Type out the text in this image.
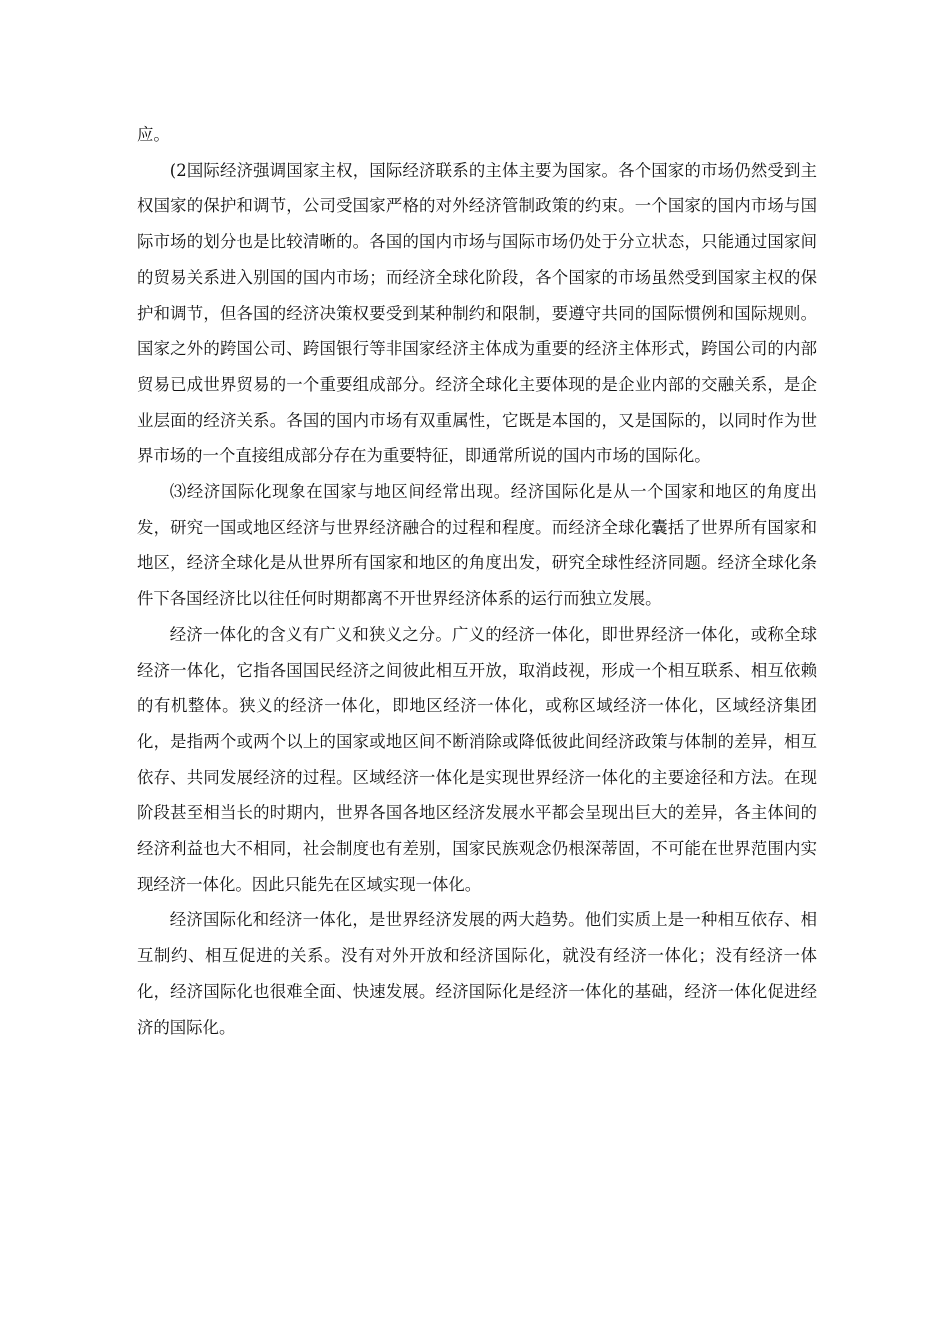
应。

(2国际经济强调国家主权，国际经济联系的主体主要为国家。各个国家的市场仍然受到主权国家的保护和调节，公司受国家严格的对外经济管制政策的约束。一个国家的国内市场与国际市场的划分也是比较清晰的。各国的国内市场与国际市场仍处于分立状态，只能通过国家间的贸易关系进入别国的国内市场；而经济全球化阶段，各个国家的市场虽然受到国家主权的保护和调节，但各国的经济决策权要受到某种制约和限制，要遵守共同的国际惯例和国际规则。国家之外的跨国公司、跨国银行等非国家经济主体成为重要的经济主体形式，跨国公司的内部贸易已成世界贸易的一个重要组成部分。经济全球化主要体现的是企业内部的交融关系，是企业层面的经济关系。各国的国内市场有双重属性，它既是本国的，又是国际的，以同时作为世界市场的一个直接组成部分存在为重要特征，即通常所说的国内市场的国际化。

⑶经济国际化现象在国家与地区间经常出现。经济国际化是从一个国家和地区的角度出发，研究一国或地区经济与世界经济融合的过程和程度。而经济全球化囊括了世界所有国家和地区，经济全球化是从世界所有国家和地区的角度出发，研究全球性经济同题。经济全球化条件下各国经济比以往任何时期都离不开世界经济体系的运行而独立发展。

经济一体化的含义有广义和狭义之分。广义的经济一体化，即世界经济一体化，或称全球经济一体化，它指各国国民经济之间彼此相互开放，取消歧视，形成一个相互联系、相互依赖的有机整体。狭义的经济一体化，即地区经济一体化，或称区域经济一体化，区域经济集团化，是指两个或两个以上的国家或地区间不断消除或降低彼此间经济政策与体制的差异，相互依存、共同发展经济的过程。区域经济一体化是实现世界经济一体化的主要途径和方法。在现阶段甚至相当长的时期内，世界各国各地区经济发展水平都会呈现出巨大的差异，各主体间的经济利益也大不相同，社会制度也有差别，国家民族观念仍根深蒂固，不可能在世界范围内实现经济一体化。因此只能先在区域实现一体化。

经济国际化和经济一体化，是世界经济发展的两大趋势。他们实质上是一种相互依存、相互制约、相互促进的关系。没有对外开放和经济国际化，就没有经济一体化；没有经济一体化，经济国际化也很难全面、快速发展。经济国际化是经济一体化的基础，经济一体化促进经济的国际化。
